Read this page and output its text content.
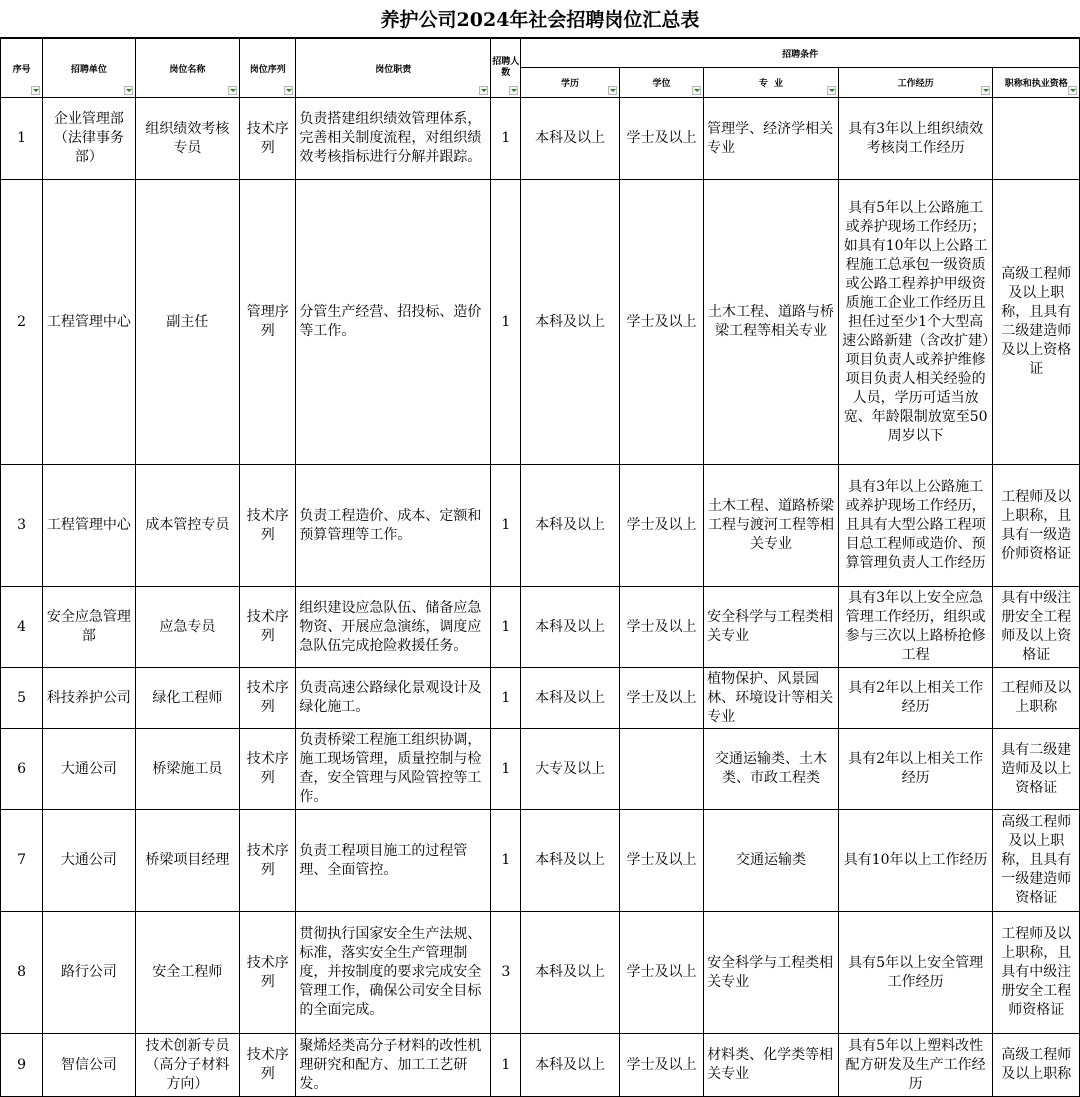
养护公司2024年社会招聘岗位汇总表
序号	招聘单位	岗位名称	岗位序列	岗位职责	招聘人数	招聘条件				
						学历	学位	专  业	工作经历	职称和执业资格

1	企业管理部（法律事务部）	组织绩效考核专员	技术序列	负责搭建组织绩效管理体系，完善相关制度流程，对组织绩效考核指标进行分解并跟踪。	1	本科及以上	学士及以上	管理学、经济学相关专业	具有3年以上组织绩效考核岗工作经历	
2	工程管理中心	副主任	管理序列	分管生产经营、招投标、造价等工作。	1	本科及以上	学士及以上	土木工程、道路与桥梁工程等相关专业	具有5年以上公路施工或养护现场工作经历；如具有10年以上公路工程施工总承包一级资质或公路工程养护甲级资质施工企业工作经历且担任过至少1个大型高速公路新建（含改扩建）项目负责人或养护维修项目负责人相关经验的人员，学历可适当放宽、年龄限制放宽至50周岁以下	高级工程师及以上职称，且具有二级建造师及以上资格证
3	工程管理中心	成本管控专员	技术序列	负责工程造价、成本、定额和预算管理等工作。	1	本科及以上	学士及以上	土木工程、道路桥梁工程与渡河工程等相关专业	具有3年以上公路施工或养护现场工作经历，且具有大型公路工程项目总工程师或造价、预算管理负责人工作经历	工程师及以上职称，且具有一级造价师资格证
4	安全应急管理部	应急专员	技术序列	组织建设应急队伍、储备应急物资、开展应急演练，调度应急队伍完成抢险救援任务。	1	本科及以上	学士及以上	安全科学与工程类相关专业	具有3年以上安全应急管理工作经历，组织或参与三次以上路桥抢修工程	具有中级注册安全工程师及以上资格证
5	科技养护公司	绿化工程师	技术序列	负责高速公路绿化景观设计及绿化施工。	1	本科及以上	学士及以上	植物保护、风景园林、环境设计等相关专业	具有2年以上相关工作经历	工程师及以上职称
6	大通公司	桥梁施工员	技术序列	负责桥梁工程施工组织协调，施工现场管理，质量控制与检查，安全管理与风险管控等工作。	1	大专及以上		交通运输类、土木类、市政工程类	具有2年以上相关工作经历	具有二级建造师及以上资格证
7	大通公司	桥梁项目经理	技术序列	负责工程项目施工的过程管理、全面管控。	1	本科及以上	学士及以上	交通运输类	具有10年以上工作经历	高级工程师及以上职称，且具有一级建造师资格证
8	路行公司	安全工程师	技术序列	贯彻执行国家安全生产法规、标准，落实安全生产管理制度，并按制度的要求完成安全管理工作，确保公司安全目标的全面完成。	3	本科及以上	学士及以上	安全科学与工程类相关专业	具有5年以上安全管理工作经历	工程师及以上职称，且具有中级注册安全工程师资格证
9	智信公司	技术创新专员（高分子材料方向）	技术序列	聚烯烃类高分子材料的改性机理研究和配方、加工工艺研发。	1	本科及以上	学士及以上	材料类、化学类等相关专业	具有5年以上塑料改性配方研发及生产工作经历	高级工程师及以上职称
